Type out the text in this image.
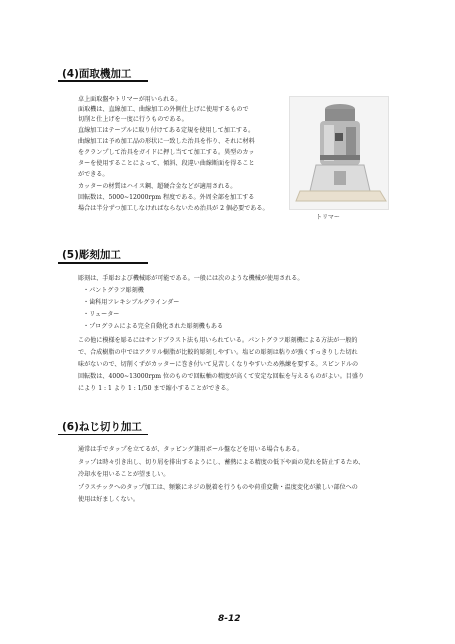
(4)面取機加工
卓上面取盤やトリマーが用いられる。
面取機は、直線加工、曲線加工の外側仕上げに使用するもので
切削と仕上げを一度に行うものである。
直線加工はテーブルに取り付けてある定規を使用して加工する。
曲線加工は予め加工品の形状に一致した治具を作り、それに材料
をクランプして治具をガイドに押し当てて加工する。異型のカッ
ターを使用することによって、傾斜、段違い曲線断面を得ること
ができる。
カッターの材質はハイス鋼、超硬合金などが適用される。
回転数は、5000~12000rpm 程度である。外周全部を加工する
場合は半分ずつ加工しなければならないため治具が 2 個必要である。
トリマー
(5)彫刻加工
彫刻は、手彫および機械彫が可能である。一般には次のような機械が使用される。
・パントグラフ彫刻機
・歯科用フレキシブルグラインダー
・リューター
・プログラムによる完全自動化された彫刻機もある
この他に模様を彫るにはサンドブラスト法も用いられている。パントグラフ彫刻機による方法が一般的
で、合成樹脂の中ではアクリル樹脂が比較的彫刻しやすい。塩ビの彫刻は粘りが強くすっきりした切れ
味がないので、切削くずがカッターに巻き付いて見苦しくなりやすいため熟練を要する。スピンドルの
回転数は、4000~13000rpm 位のもので回転軸の精度が高くて安定な回転を与えるものがよい。目盛り
により 1 : 1 より 1 : 1/50 まで縮小することができる。
(6)ねじ切り加工
通常は手でタップを立てるが、タッピング兼用ボール盤などを用いる場合もある。
タップは時々引き出し、切り屑を排出するようにし、蓄熱による精度の低下や面の荒れを防止するため、
冷却水を用いることが望ましい。
プラスチックへのタップ加工は、頻繁にネジの脱着を行うものや荷重変動・温度変化が激しい部位への
使用は好ましくない。
8-12
